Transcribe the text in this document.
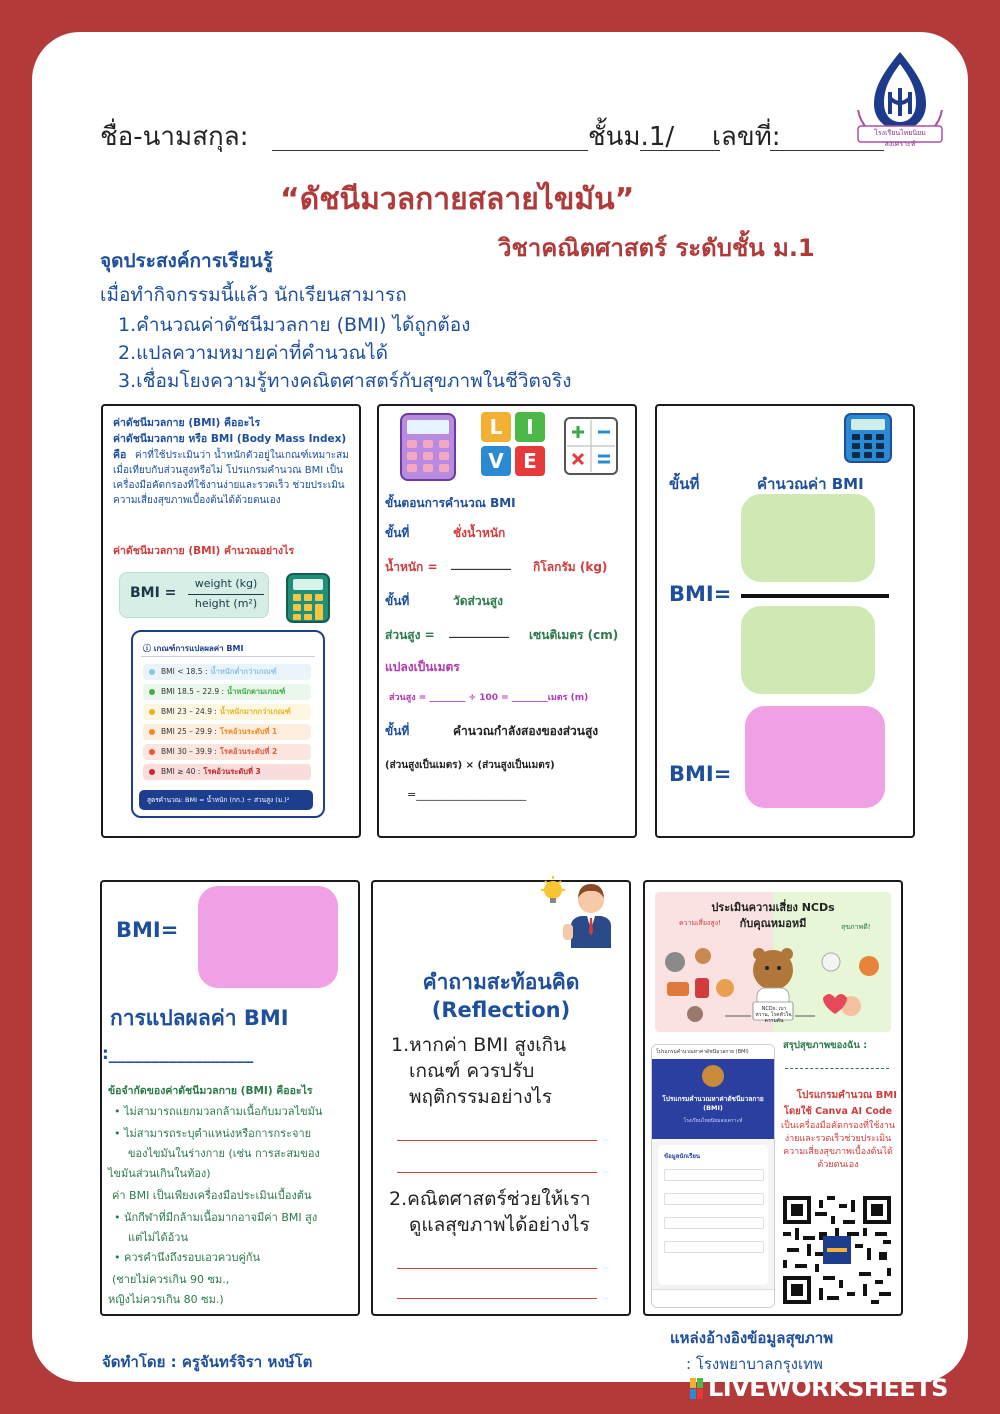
ชื่อ-นามสกุล:	ชั้นม.1/ เลขที่:	โรงเรียนไทยนิยมสงเคราะห์
“ดัชนีมวลกายสลายไขมัน”
วิชาคณิตศาสตร์ ระดับชั้น ม.1
จุดประสงค์การเรียนรู้
เมื่อทำกิจกรรมนี้แล้ว นักเรียนสามารถ
1.คำนวณค่าดัชนีมวลกาย (BMI) ได้ถูกต้อง
2.แปลความหมายค่าที่คำนวณได้
3.เชื่อมโยงความรู้ทางคณิตศาสตร์กับสุขภาพในชีวิตจริง
ค่าดัชนีมวลกาย (BMI) คืออะไร
ค่าดัชนีมวลกาย หรือ BMI (Body Mass Index)
คือ ค่าที่ใช้ประเมินว่า น้ำหนักตัวอยู่ในเกณฑ์เหมาะสมเมื่อเทียบกับส่วนสูงหรือไม่ โปรแกรมคำนวณ BMI เป็นเครื่องมือคัดกรองที่ใช้งานง่ายและรวดเร็ว ช่วยประเมินความเสี่ยงสุขภาพเบื้องต้นได้ด้วยตนเอง
ค่าดัชนีมวลกาย (BMI) คำนวณอย่างไร
BMI =
weight (kg)
height (m²)
ⓘ เกณฑ์การแปลผลค่า BMI
BMI < 18.5 : น้ำหนักต่ำกว่าเกณฑ์
BMI 18.5 – 22.9 : น้ำหนักตามเกณฑ์
BMI 23 – 24.9 : น้ำหนักมากกว่าเกณฑ์
BMI 25 – 29.9 : โรคอ้วนระดับที่ 1
BMI 30 – 39.9 : โรคอ้วนระดับที่ 2
BMI ≥ 40 : โรคอ้วนระดับที่ 3
สูตรคำนวณ: BMI = น้ำหนัก (กก.) ÷ ส่วนสูง (ม.)²
L	I
V E
ขั้นตอนการคำนวณ BMI
ขั้นที่	ชั่งน้ำหนัก
น้ำหนัก = __________ กิโลกรัม (kg)
ขั้นที่	วัดส่วนสูง
ส่วนสูง = __________ เซนติเมตร (cm)
แปลงเป็นเมตร
ส่วนสูง = ________ ÷ 100 = ________เมตร (m)
ขั้นที่	คำนวณกำลังสองของส่วนสูง
(ส่วนสูงเป็นเมตร) × (ส่วนสูงเป็นเมตร)
=____________________
ขั้นที่	คำนวณค่า BMI
BMI=
BMI=
BMI=
การแปลผลค่า BMI
:_________________
ข้อจำกัดของค่าดัชนีมวลกาย (BMI) คืออะไร
• ไม่สามารถแยกมวลกล้ามเนื้อกับมวลไขมัน
• ไม่สามารถระบุตำแหน่งหรือการกระจาย
ของไขมันในร่างกาย (เช่น การสะสมของ
ไขมันส่วนเกินในท้อง)
ค่า BMI เป็นเพียงเครื่องมือประเมินเบื้องต้น
• นักกีฬาที่มีกล้ามเนื้อมากอาจมีค่า BMI สูง
แต่ไม่ได้อ้วน
• ควรคำนึงถึงรอบเอวควบคู่กัน
(ชายไม่ควรเกิน 90 ซม.,
หญิงไม่ควรเกิน 80 ซม.)
คำถามสะท้อนคิด
(Reflection)
1.หากค่า BMI สูงเกิน
เกณฑ์ ควรปรับ
พฤติกรรมอย่างไร
2.คณิตศาสตร์ช่วยให้เรา
ดูแลสุขภาพได้อย่างไร
ประเมินความเสี่ยง NCDs
กับคุณหมอหมี
ความเสี่ยงสูง!	สุขภาพดี!
NCDs: เบาหวาน, โรคหัวใจ, ความดัน
โปรแกรมคำนวณหาค่าดัชนีมวลกาย (BMI)
โปรแกรมคำนวณหาค่าดัชนีมวลกาย (BMI)
โรงเรียนไทยนิยมสงเคราะห์
ข้อมูลนักเรียน
สรุปสุขภาพของฉัน :
โปรแกรมคำนวณ BMI
โดยใช้ Canva AI Code
เป็นเครื่องมือคัดกรองที่ใช้งานง่ายและรวดเร็วช่วยประเมินความเสี่ยงสุขภาพเบื้องต้นได้ด้วยตนเอง
จัดทำโดย : ครูจันทร์จิรา หงษ์โต
แหล่งอ้างอิงข้อมูลสุขภาพ
: โรงพยาบาลกรุงเทพ
LIVEWORKSHEETS
